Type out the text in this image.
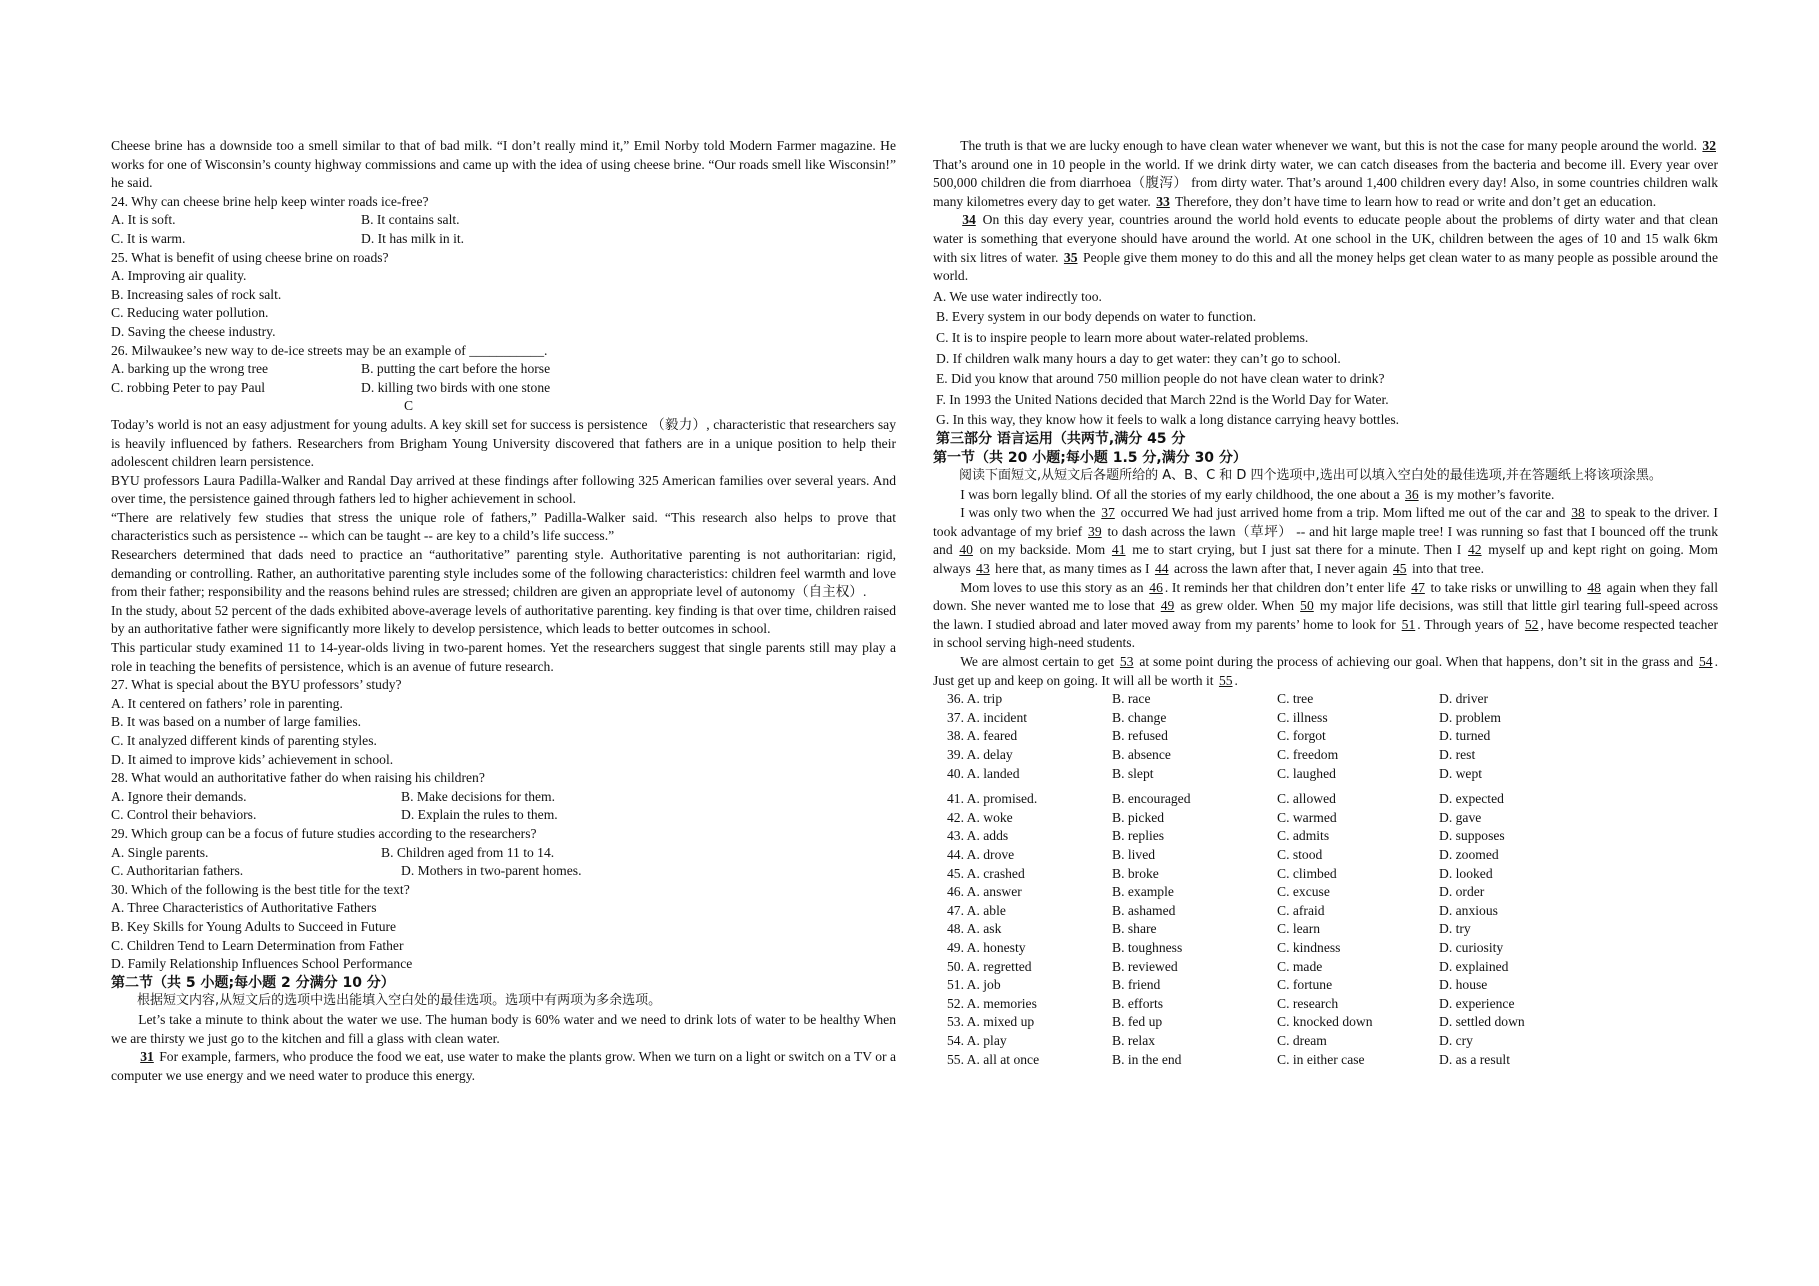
Cheese brine has a downside too a smell similar to that of bad milk. “I don’t really mind it,” Emil Norby told Modern Farmer magazine. He works for one of Wisconsin’s county highway commissions and came up with the idea of using cheese brine. “Our roads smell like Wisconsin!” he said.

24. Why can cheese brine help keep winter roads ice-free?

A. It is soft.	B. It contains salt.
C. It is warm.	D. It has milk in it.

25. What is benefit of using cheese brine on roads?

A. Improving air quality.

B. Increasing sales of rock salt.

C. Reducing water pollution.

D. Saving the cheese industry.

26. Milwaukee’s new way to de-ice streets may be an example of ___________.

A. barking up the wrong tree	B. putting the cart before the horse
C. robbing Peter to pay Paul	D. killing two birds with one stone

C

Today’s world is not an easy adjustment for young adults. A key skill set for success is persistence （毅力）, characteristic that researchers say is heavily influenced by fathers. Researchers from Brigham Young University discovered that fathers are in a unique position to help their adolescent children learn persistence.

BYU professors Laura Padilla-Walker and Randal Day arrived at these findings after following 325 American families over several years. And over time, the persistence gained through fathers led to higher achievement in school.

“There are relatively few studies that stress the unique role of fathers,” Padilla-Walker said. “This research also helps to prove that characteristics such as persistence -- which can be taught -- are key to a child’s life success.”

Researchers determined that dads need to practice an “authoritative” parenting style. Authoritative parenting is not authoritarian: rigid, demanding or controlling. Rather, an authoritative parenting style includes some of the following characteristics: children feel warmth and love from their father; responsibility and the reasons behind rules are stressed; children are given an appropriate level of autonomy（自主权）.

In the study, about 52 percent of the dads exhibited above-average levels of authoritative parenting. key finding is that over time, children raised by an authoritative father were significantly more likely to develop persistence, which leads to better outcomes in school.

This particular study examined 11 to 14-year-olds living in two-parent homes. Yet the researchers suggest that single parents still may play a role in teaching the benefits of persistence, which is an avenue of future research.

27. What is special about the BYU professors’ study?

A. It centered on fathers’ role in parenting.

B. It was based on a number of large families.

C. It analyzed different kinds of parenting styles.

D. It aimed to improve kids’ achievement in school.

28. What would an authoritative father do when raising his children?

A. Ignore their demands.	B. Make decisions for them.
C. Control their behaviors.	D. Explain the rules to them.

29. Which group can be a focus of future studies according to the researchers?

A. Single parents.	B. Children aged from 11 to 14.
C. Authoritarian fathers.	D. Mothers in two-parent homes.

30. Which of the following is the best title for the text?

A. Three Characteristics of Authoritative Fathers

B. Key Skills for Young Adults to Succeed in Future

C. Children Tend to Learn Determination from Father

D. Family Relationship Influences School Performance

第二节（共 5 小题;每小题 2 分满分 10 分）

根据短文内容,从短文后的选项中选出能填入空白处的最佳选项。选项中有两项为多余选项。

Let’s take a minute to think about the water we use. The human body is 60% water and we need to drink lots of water to be healthy When we are thirsty we just go to the kitchen and fill a glass with clean water.

31 For example, farmers, who produce the food we eat, use water to make the plants grow. When we turn on a light or switch on a TV or a computer we use energy and we need water to produce this energy.

The truth is that we are lucky enough to have clean water whenever we want, but this is not the case for many people around the world. 32 That’s around one in 10 people in the world. If we drink dirty water, we can catch diseases from the bacteria and become ill. Every year over 500,000 children die from diarrhoea（腹泻） from dirty water. That’s around 1,400 children every day! Also, in some countries children walk many kilometres every day to get water. 33 Therefore, they don’t have time to learn how to read or write and don’t get an education.

34 On this day every year, countries around the world hold events to educate people about the problems of dirty water and that clean water is something that everyone should have around the world. At one school in the UK, children between the ages of 10 and 15 walk 6km with six litres of water. 35 People give them money to do this and all the money helps get clean water to as many people as possible around the world.

A. We use water indirectly too.

B. Every system in our body depends on water to function.

C. It is to inspire people to learn more about water-related problems.

D. If children walk many hours a day to get water: they can’t go to school.

E. Did you know that around 750 million people do not have clean water to drink?

F. In 1993 the United Nations decided that March 22nd is the World Day for Water.

G. In this way, they know how it feels to walk a long distance carrying heavy bottles.

第三部分 语言运用（共两节,满分 45 分

第一节（共 20 小题;每小题 1.5 分,满分 30 分）

阅读下面短文,从短文后各题所给的 A、B、C 和 D 四个选项中,选出可以填入空白处的最佳选项,并在答题纸上将该项涂黑。

I was born legally blind. Of all the stories of my early childhood, the one about a 36 is my mother’s favorite.

I was only two when the 37 occurred We had just arrived home from a trip. Mom lifted me out of the car and 38 to speak to the driver. I took advantage of my brief 39 to dash across the lawn（草坪） -- and hit large maple tree! I was running so fast that I bounced off the trunk and 40 on my backside. Mom 41 me to start crying, but I just sat there for a minute. Then I 42 myself up and kept right on going. Mom always 43 here that, as many times as I 44 across the lawn after that, I never again 45 into that tree.

Mom loves to use this story as an 46 . It reminds her that children don’t enter life 47 to take risks or unwilling to 48 again when they fall down. She never wanted me to lose that 49 as grew older. When 50 my major life decisions, was still that little girl tearing full-speed across the lawn. I studied abroad and later moved away from my parents’ home to look for 51 . Through years of 52 , have become respected teacher in school serving high-need students.

We are almost certain to get 53 at some point during the process of achieving our goal. When that happens, don’t sit in the grass and 54 . Just get up and keep on going. It will all be worth it 55 .

36. A. trip	B. race	C. tree	D. driver
37. A. incident	B. change	C. illness	D. problem
38. A. feared	B. refused	C. forgot	D. turned
39. A. delay	B. absence	C. freedom	D. rest
40. A. landed	B. slept	C. laughed	D. wept
41. A. promised.	B. encouraged	C. allowed	D. expected
42. A. woke	B. picked	C. warmed	D. gave
43. A. adds	B. replies	C. admits	D. supposes
44. A. drove	B. lived	C. stood	D. zoomed
45. A. crashed	B. broke	C. climbed	D. looked
46. A. answer	B. example	C. excuse	D. order
47. A. able	B. ashamed	C. afraid	D. anxious
48. A. ask	B. share	C. learn	D. try
49. A. honesty	B. toughness	C. kindness	D. curiosity
50. A. regretted	B. reviewed	C. made	D. explained
51. A. job	B. friend	C. fortune	D. house
52. A. memories	B. efforts	C. research	D. experience
53. A. mixed up	B. fed up	C. knocked down	D. settled down
54. A. play	B. relax	C. dream	D. cry
55. A. all at once	B. in the end	C. in either case	D. as a result
